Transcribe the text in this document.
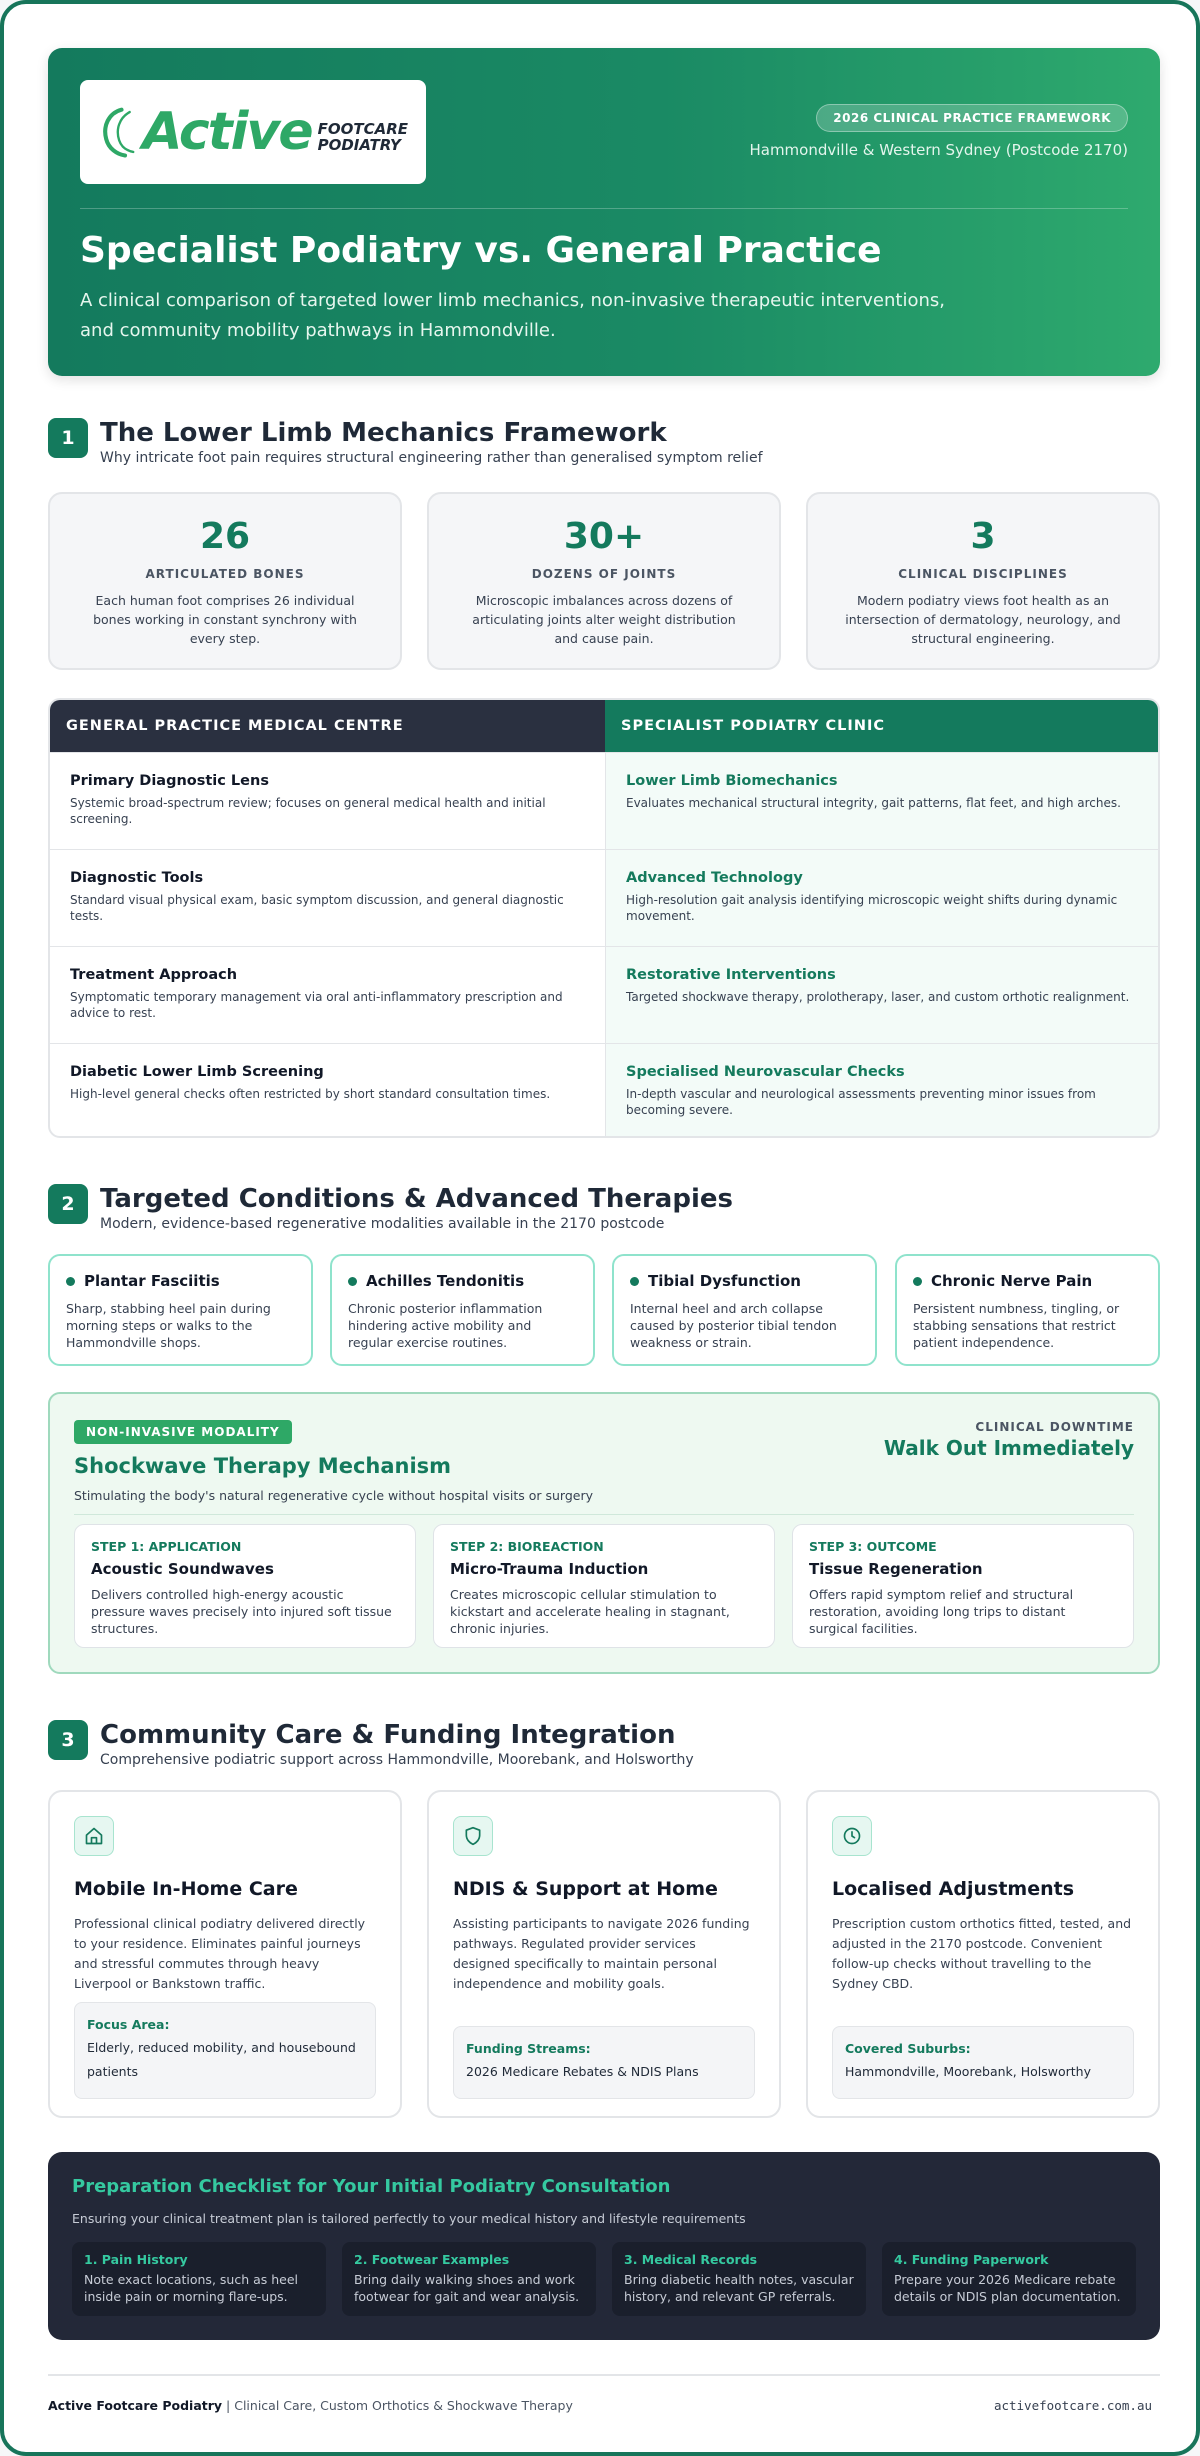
Active FOOTCARE
PODIATRY
2026 CLINICAL PRACTICE FRAMEWORK
Hammondville & Western Sydney (Postcode 2170)
Specialist Podiatry vs. General Practice
A clinical comparison of targeted lower limb mechanics, non-invasive therapeutic interventions, and community mobility pathways in Hammondville.
1 The Lower Limb Mechanics Framework
Why intricate foot pain requires structural engineering rather than generalised symptom relief
26
ARTICULATED BONES
Each human foot comprises 26 individual bones working in constant synchrony with every step.
30+
DOZENS OF JOINTS
Microscopic imbalances across dozens of articulating joints alter weight distribution and cause pain.
3
CLINICAL DISCIPLINES
Modern podiatry views foot health as an intersection of dermatology, neurology, and structural engineering.
GENERAL PRACTICE MEDICAL CENTRE	SPECIALIST PODIATRY CLINIC
Primary Diagnostic Lens
Systemic broad-spectrum review; focuses on general medical health and initial screening.
Lower Limb Biomechanics
Evaluates mechanical structural integrity, gait patterns, flat feet, and high arches.
Diagnostic Tools
Standard visual physical exam, basic symptom discussion, and general diagnostic tests.
Advanced Technology
High-resolution gait analysis identifying microscopic weight shifts during dynamic movement.
Treatment Approach
Symptomatic temporary management via oral anti-inflammatory prescription and advice to rest.
Restorative Interventions
Targeted shockwave therapy, prolotherapy, laser, and custom orthotic realignment.
Diabetic Lower Limb Screening
High-level general checks often restricted by short standard consultation times.
Specialised Neurovascular Checks
In-depth vascular and neurological assessments preventing minor issues from becoming severe.
2 Targeted Conditions & Advanced Therapies
Modern, evidence-based regenerative modalities available in the 2170 postcode
Plantar Fasciitis
Sharp, stabbing heel pain during morning steps or walks to the Hammondville shops.
Achilles Tendonitis
Chronic posterior inflammation hindering active mobility and regular exercise routines.
Tibial Dysfunction
Internal heel and arch collapse caused by posterior tibial tendon weakness or strain.
Chronic Nerve Pain
Persistent numbness, tingling, or stabbing sensations that restrict patient independence.
NON-INVASIVE MODALITY
Shockwave Therapy Mechanism
Stimulating the body's natural regenerative cycle without hospital visits or surgery
CLINICAL DOWNTIME
Walk Out Immediately
STEP 1: APPLICATION
Acoustic Soundwaves
Delivers controlled high-energy acoustic pressure waves precisely into injured soft tissue structures.
STEP 2: BIOREACTION
Micro-Trauma Induction
Creates microscopic cellular stimulation to kickstart and accelerate healing in stagnant, chronic injuries.
STEP 3: OUTCOME
Tissue Regeneration
Offers rapid symptom relief and structural restoration, avoiding long trips to distant surgical facilities.
3 Community Care & Funding Integration
Comprehensive podiatric support across Hammondville, Moorebank, and Holsworthy
Mobile In-Home Care
Professional clinical podiatry delivered directly to your residence. Eliminates painful journeys and stressful commutes through heavy Liverpool or Bankstown traffic.
Focus Area:
Elderly, reduced mobility, and housebound patients
NDIS & Support at Home
Assisting participants to navigate 2026 funding pathways. Regulated provider services designed specifically to maintain personal independence and mobility goals.
Funding Streams:
2026 Medicare Rebates & NDIS Plans
Localised Adjustments
Prescription custom orthotics fitted, tested, and adjusted in the 2170 postcode. Convenient follow-up checks without travelling to the Sydney CBD.
Covered Suburbs:
Hammondville, Moorebank, Holsworthy
Preparation Checklist for Your Initial Podiatry Consultation
Ensuring your clinical treatment plan is tailored perfectly to your medical history and lifestyle requirements
1. Pain History
Note exact locations, such as heel inside pain or morning flare-ups.
2. Footwear Examples
Bring daily walking shoes and work footwear for gait and wear analysis.
3. Medical Records
Bring diabetic health notes, vascular history, and relevant GP referrals.
4. Funding Paperwork
Prepare your 2026 Medicare rebate details or NDIS plan documentation.
Active Footcare Podiatry | Clinical Care, Custom Orthotics & Shockwave Therapy	activefootcare.com.au
